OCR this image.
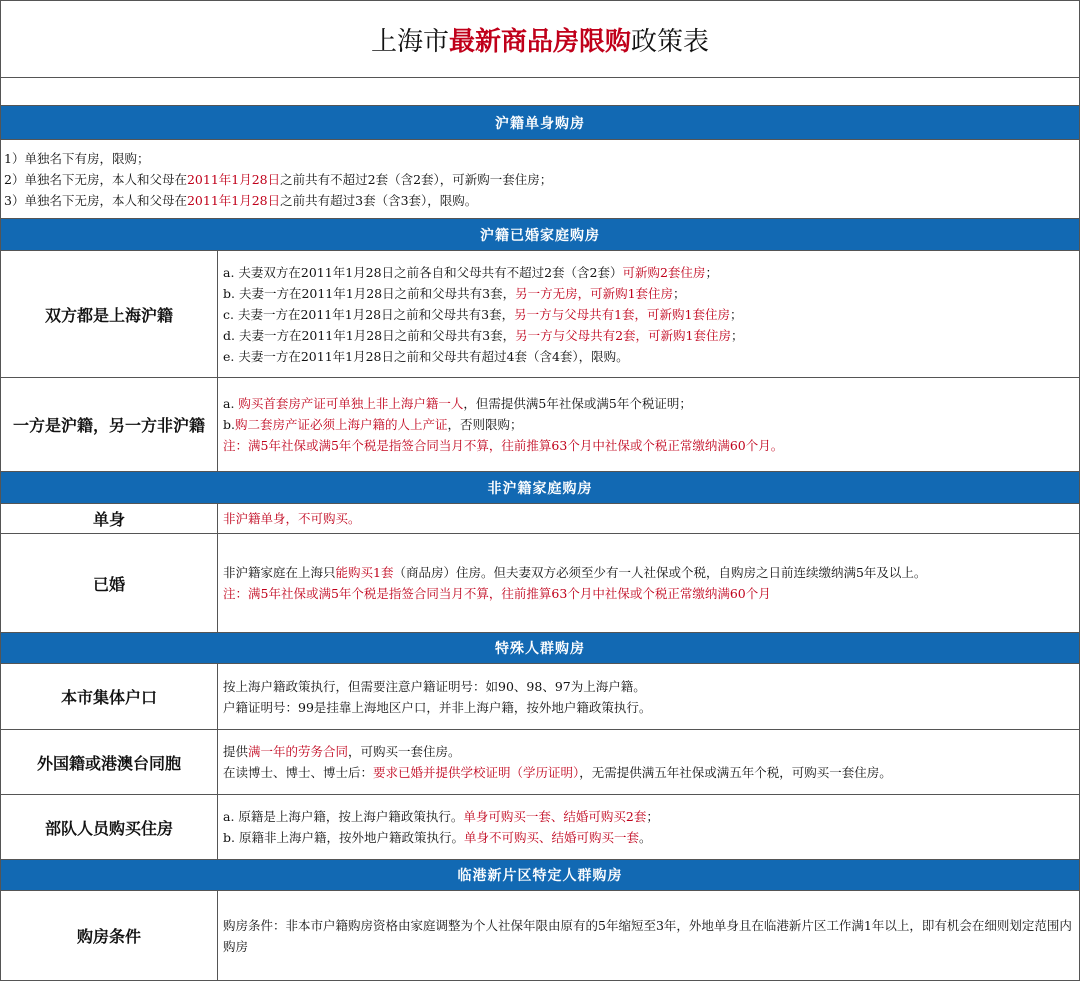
上海市 最新商品房限购 政策表
沪籍单身购房
1）单独名下有房，限购；
2）单独名下无房，本人和父母在2011年1月28日之前共有不超过2套（含2套），可新购一套住房；
3）单独名下无房，本人和父母在2011年1月28日之前共有超过3套（含3套），限购。
沪籍已婚家庭购房
双方都是上海沪籍
a. 夫妻双方在2011年1月28日之前各自和父母共有不超过2套（含2套）可新购2套住房；
b. 夫妻一方在2011年1月28日之前和父母共有3套，另一方无房，可新购1套住房；
c. 夫妻一方在2011年1月28日之前和父母共有3套，另一方与父母共有1套，可新购1套住房；
d. 夫妻一方在2011年1月28日之前和父母共有3套，另一方与父母共有2套，可新购1套住房；
e. 夫妻一方在2011年1月28日之前和父母共有超过4套（含4套），限购。
一方是沪籍，另一方非沪籍
a. 购买首套房产证可单独上非上海户籍一人，但需提供满5年社保或满5年个税证明；
b.购二套房产证必须上海户籍的人上产证，否则限购；
注：满5年社保或满5年个税是指签合同当月不算，往前推算63个月中社保或个税正常缴纳满60个月。
非沪籍家庭购房
单身	非沪籍单身，不可购买。
已婚
非沪籍家庭在上海只能购买1套（商品房）住房。但夫妻双方必须至少有一人社保或个税，自购房之日前连续缴纳满5年及以上。
注：满5年社保或满5年个税是指签合同当月不算，往前推算63个月中社保或个税正常缴纳满60个月
特殊人群购房
本市集体户口
按上海户籍政策执行，但需要注意户籍证明号：如90、98、97为上海户籍。
户籍证明号：99是挂靠上海地区户口，并非上海户籍，按外地户籍政策执行。
外国籍或港澳台同胞
提供满一年的劳务合同，可购买一套住房。
在读博士、博士、博士后：要求已婚并提供学校证明（学历证明），无需提供满五年社保或满五年个税，可购买一套住房。
部队人员购买住房
a. 原籍是上海户籍，按上海户籍政策执行。单身可购买一套、结婚可购买2套；
b. 原籍非上海户籍，按外地户籍政策执行。单身不可购买、结婚可购买一套。
临港新片区特定人群购房
购房条件
购房条件：非本市户籍购房资格由家庭调整为个人社保年限由原有的5年缩短至3年，外地单身且在临港新片区工作满1年以上，即有机会在细则划定范围内购房
